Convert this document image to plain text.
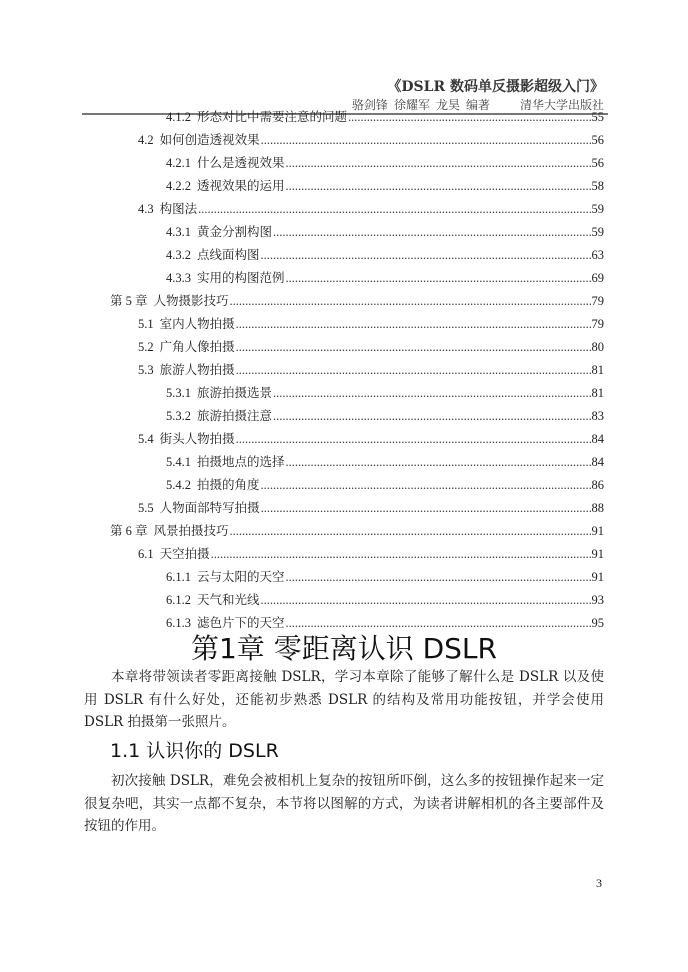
《DSLR 数码单反摄影超级入门》
骆剑锋 徐耀军 龙昊 编著	清华大学出版社
4.1.2 形态对比中需要注意的问题 .....	55
4.2 如何创造透视效果 .....	56
4.2.1 什么是透视效果 .....	56
4.2.2 透视效果的运用 .....	58
4.3 构图法 .....	59
4.3.1 黄金分割构图 .....	59
4.3.2 点线面构图 .....	63
4.3.3 实用的构图范例 .....	69
第 5 章 人物摄影技巧 .....	79
5.1 室内人物拍摄 .....	79
5.2 广角人像拍摄 .....	80
5.3 旅游人物拍摄 .....	81
5.3.1 旅游拍摄选景 .....	81
5.3.2 旅游拍摄注意 .....	83
5.4 街头人物拍摄 .....	84
5.4.1 拍摄地点的选择 .....	84
5.4.2 拍摄的角度 .....	86
5.5 人物面部特写拍摄 .....	88
第 6 章 风景拍摄技巧 .....	91
6.1 天空拍摄 .....	91
6.1.1 云与太阳的天空 .....	91
6.1.2 天气和光线 .....	93
6.1.3 滤色片下的天空 .....	95
第1章 零距离认识 DSLR
本章将带领读者零距离接触 DSLR，学习本章除了能够了解什么是 DSLR 以及使用 DSLR 有什么好处，还能初步熟悉 DSLR 的结构及常用功能按钮，并学会使用 DSLR 拍摄第一张照片。
1.1 认识你的 DSLR
初次接触 DSLR，难免会被相机上复杂的按钮所吓倒，这么多的按钮操作起来一定很复杂吧，其实一点都不复杂，本节将以图解的方式，为读者讲解相机的各主要部件及按钮的作用。
3
